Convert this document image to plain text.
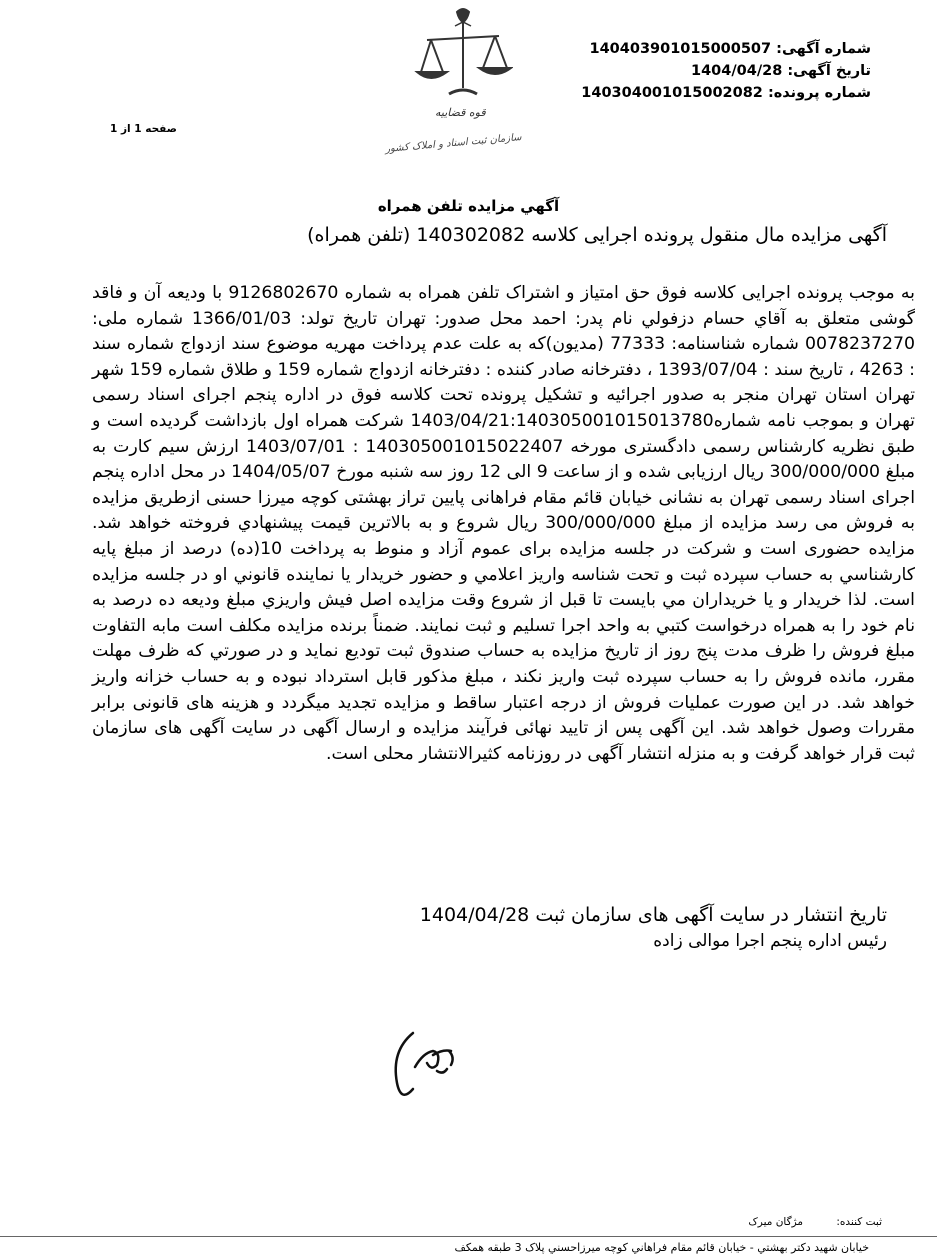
شماره آگهی: 14040390101500050​7
تاریخ آگهی: 1404/04/28
شماره پرونده: 140304001015002082
صفحه 1 از 1
قوه قضاییه
سازمان ثبت اسناد و املاک کشور
آگهي مزايده تلفن همراه
آگهی مزایده مال منقول پرونده اجرایی کلاسه 140302082 (تلفن همراه)
به موجب پرونده اجرایی کلاسه فوق حق امتیاز و اشتراک تلفن همراه به شماره 9126802670 با ودیعه آن و فاقد گوشی متعلق به آقاي حسام دزفولي نام پدر: احمد محل صدور: تهران تاریخ تولد: 1366/01/03 شماره ملی: 0078237270 شماره شناسنامه: 77333 (مدیون)که به علت عدم پرداخت مهریه موضوع سند ازدواج شماره سند : 4263 ، تاریخ سند : 1393/07/04 ، دفترخانه صادر کننده : دفترخانه ازدواج شماره 159 و طلاق شماره 159 شهر تهران استان تهران منجر به صدور اجرائیه و تشکیل پرونده تحت کلاسه فوق در اداره پنجم اجرای اسناد رسمی تهران و بموجب نامه شماره1403/04/21:140305001015013780 شرکت همراه اول بازداشت گردیده است و طبق نظریه کارشناس رسمی دادگستری مورخه 140305001015022407 : 1403/07/01 ارزش سیم کارت به مبلغ 300/000/000 ریال ارزیابی شده و از ساعت 9 الی 12 روز سه شنبه مورخ 1404/05/07 در محل اداره پنجم اجرای اسناد رسمی تهران به نشانی خیابان قائم مقام فراهانی پایین تراز بهشتی کوچه میرزا حسنی ازطریق مزایده به فروش می رسد مزایده از مبلغ 300/000/000 ریال شروع و به بالاترین قیمت پیشنهادي فروخته خواهد شد. مزایده حضوری است و شرکت در جلسه مزایده برای عموم آزاد و منوط به پرداخت 10(ده) درصد از مبلغ پایه کارشناسي به حساب سپرده ثبت و تحت شناسه واریز اعلامي و حضور خریدار یا نماینده قانوني او در جلسه مزایده است. لذا خریدار و یا خریداران مي بایست تا قبل از شروع وقت مزایده اصل فیش واریزي مبلغ ودیعه ده درصد به نام خود را به همراه درخواست کتبي به واحد اجرا تسلیم و ثبت نمایند. ضمناً برنده مزایده مکلف است مابه التفاوت مبلغ فروش را ظرف مدت پنج روز از تاریخ مزایده به حساب صندوق ثبت تودیع نماید و در صورتي که ظرف مهلت مقرر، مانده فروش را به حساب سپرده ثبت واریز نکند ، مبلغ مذکور قابل استرداد نبوده و به حساب خزانه واریز خواهد شد. در این صورت عملیات فروش از درجه اعتبار ساقط و مزایده تجدید میگردد و هزینه های قانونی برابر مقررات وصول خواهد شد. این آگهی پس از تایید نهائی فرآیند مزایده و ارسال آگهی در سایت آگهی های سازمان ثبت قرار خواهد گرفت و به منزله انتشار آگهی در روزنامه کثیرالانتشار محلی است.
تاریخ انتشار در سایت آگهی های سازمان ثبت 1404/04/28
رئیس اداره پنجم اجرا موالی زاده
ثبت کننده: مژگان میرک
خیابان شهید دکتر بهشتي - خیابان قائم مقام فراهاني کوچه میرزاحسني پلاک 3 طبقه همکف
